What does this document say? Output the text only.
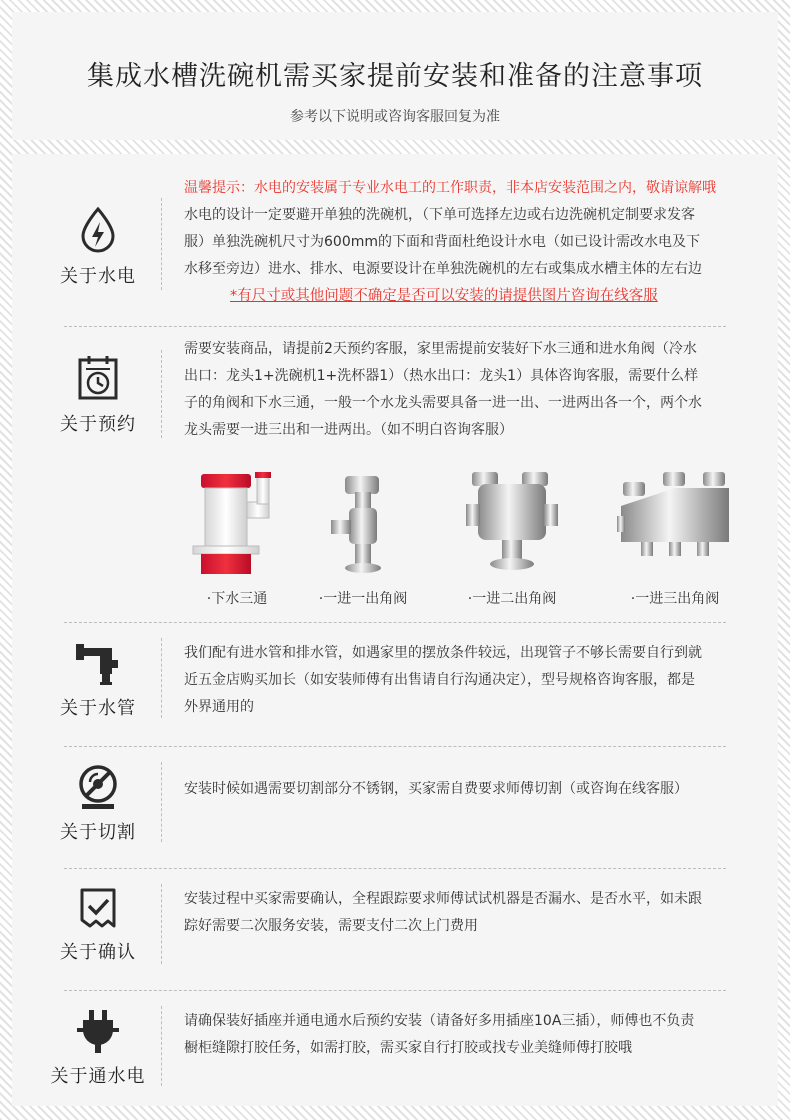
集成水槽洗碗机需买家提前安装和准备的注意事项
参考以下说明或咨询客服回复为准
关于水电
温馨提示：水电的安装属于专业水电工的工作职责，非本店安装范围之内，敬请谅解哦
水电的设计一定要避开单独的洗碗机，（下单可选择左边或右边洗碗机定制要求发客
服）单独洗碗机尺寸为600mm的下面和背面杜绝设计水电（如已设计需改水电及下
水移至旁边）进水、排水、电源要设计在单独洗碗机的左右或集成水槽主体的左右边
*有尺寸或其他问题不确定是否可以安装的请提供图片咨询在线客服
关于预约
需要安装商品，请提前2天预约客服，家里需提前安装好下水三通和进水角阀（冷水
出口：龙头1+洗碗机1+洗杯器1）（热水出口：龙头1）具体咨询客服，需要什么样
子的角阀和下水三通，一般一个水龙头需要具备一进一出、一进两出各一个，两个水
龙头需要一进三出和一进两出。（如不明白咨询客服）
·下水三通	·一进一出角阀	·一进二出角阀	·一进三出角阀
关于水管
我们配有进水管和排水管，如遇家里的摆放条件较远，出现管子不够长需要自行到就
近五金店购买加长（如安装师傅有出售请自行沟通决定），型号规格咨询客服，都是
外界通用的
关于切割
安装时候如遇需要切割部分不锈钢，买家需自费要求师傅切割（或咨询在线客服）
关于确认
安装过程中买家需要确认，全程跟踪要求师傅试试机器是否漏水、是否水平，如未跟
踪好需要二次服务安装，需要支付二次上门费用
关于通水电
请确保装好插座并通电通水后预约安装（请备好多用插座10A三插），师傅也不负责
橱柜缝隙打胶任务，如需打胶，需买家自行打胶或找专业美缝师傅打胶哦
